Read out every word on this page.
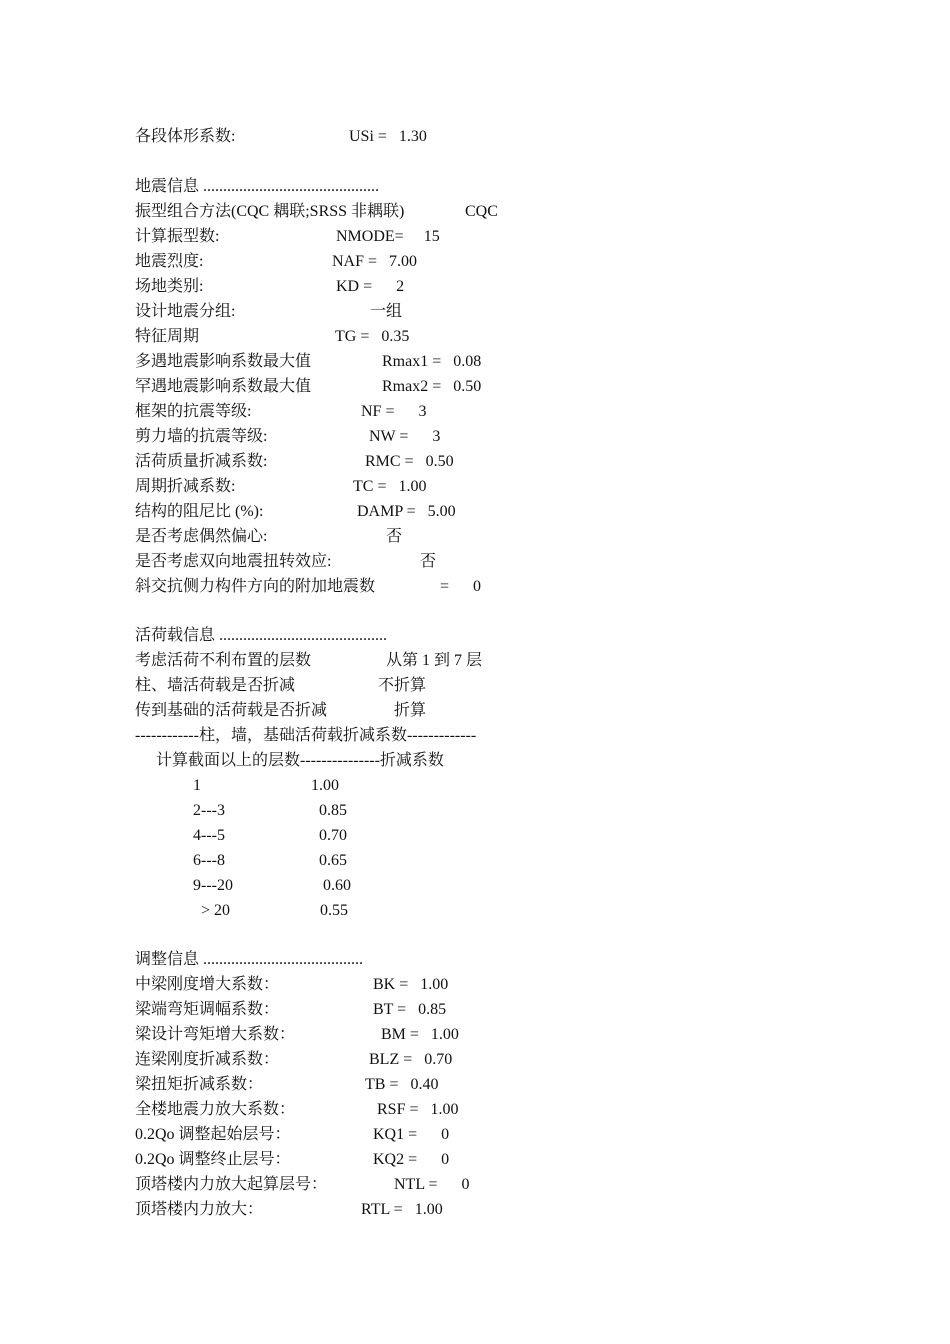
各段体形系数:	USi =   1.30
地震信息 ............................................
振型组合方法(CQC 耦联;SRSS 非耦联)	CQC
计算振型数:	NMODE=     15
地震烈度:	NAF =   7.00
场地类别:	KD =      2
设计地震分组:	一组
特征周期	TG =   0.35
多遇地震影响系数最大值	Rmax1 =   0.08
罕遇地震影响系数最大值	Rmax2 =   0.50
框架的抗震等级:	NF =      3
剪力墙的抗震等级:	NW =      3
活荷质量折减系数:	RMC =   0.50
周期折减系数:	TC =   1.00
结构的阻尼比 (%):	DAMP =   5.00
是否考虑偶然偏心:	否
是否考虑双向地震扭转效应:	否
斜交抗侧力构件方向的附加地震数	=      0
活荷载信息 ..........................................
考虑活荷不利布置的层数	从第 1 到 7 层
柱、墙活荷载是否折减	不折算
传到基础的活荷载是否折减	折算
------------柱，墙，基础活荷载折减系数-------------
计算截面以上的层数---------------折减系数
1	1.00
2---3	0.85
4---5	0.70
6---8	0.65
9---20	0.60
> 20	0.55
调整信息 ........................................
中梁刚度增大系数：	BK =   1.00
梁端弯矩调幅系数：	BT =   0.85
梁设计弯矩增大系数：	BM =   1.00
连梁刚度折减系数：	BLZ =   0.70
梁扭矩折减系数：	TB =   0.40
全楼地震力放大系数：	RSF =   1.00
0.2Qo 调整起始层号：	KQ1 =      0
0.2Qo 调整终止层号：	KQ2 =      0
顶塔楼内力放大起算层号：	NTL =      0
顶塔楼内力放大：	RTL =   1.00
